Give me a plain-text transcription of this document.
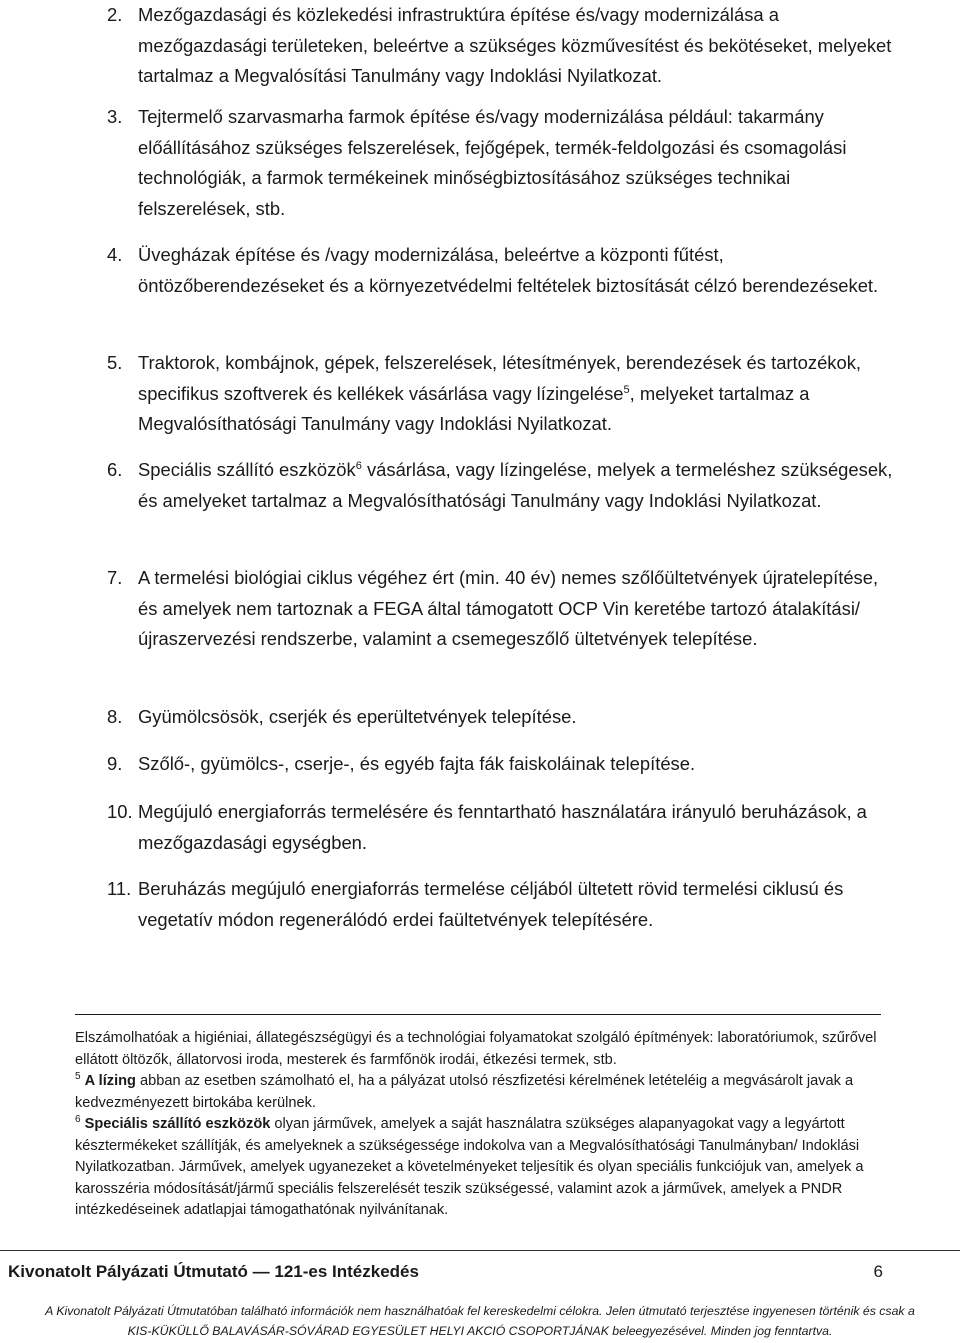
2. Mezőgazdasági és közlekedési infrastruktúra építése és/vagy modernizálása a mezőgazdasági területeken, beleértve a szükséges közművesítést és bekötéseket, melyeket tartalmaz a Megvalósítási Tanulmány vagy Indoklási Nyilatkozat.
3. Tejtermelő szarvasmarha farmok építése és/vagy modernizálása például: takarmány előállításához szükséges felszerelések, fejőgépek, termék-feldolgozási és csomagolási technológiák, a farmok termékeinek minőségbiztosításához szükséges technikai felszerelések, stb.
4. Üvegházak építése és /vagy modernizálása, beleértve a központi fűtést, öntözőberendezéseket és a környezetvédelmi feltételek biztosítását célzó berendezéseket.
5. Traktorok, kombájnok, gépek, felszerelések, létesítmények, berendezések és tartozékok, specifikus szoftverek és kellékek vásárlása vagy lízingelése$^5$, melyeket tartalmaz a Megvalósíthatósági Tanulmány vagy Indoklási Nyilatkozat.
6. Speciális szállító eszközök$^6$ vásárlása, vagy lízingelése, melyek a termeléshez szükségesek, és amelyeket tartalmaz a Megvalósíthatósági Tanulmány vagy Indoklási Nyilatkozat.
7. A termelési biológiai ciklus végéhez ért (min. 40 év) nemes szőlőültetvények újratelepítése, és amelyek nem tartoznak a FEGA által támogatott OCP Vin keretébe tartozó átalakítási/újraszervezési rendszerbe, valamint a csemegeszőlő ültetvények telepítése.
8. Gyümölcsösök, cserjék és eperültetvények telepítése.
9. Szőlő-, gyümölcs-, cserje-, és egyéb fajta fák faiskoláinak telepítése.
10. Megújuló energiaforrás termelésére és fenntartható használatára irányuló beruházások, a mezőgazdasági egységben.
11. Beruházás megújuló energiaforrás termelése céljából ültetett rövid termelési ciklusú és vegetatív módon regenerálódó erdei faültetvények telepítésére.
Elszámolhatóak a higiéniai, állategészségügyi és a technológiai folyamatokat szolgáló építmények: laboratóriumok, szűrővel ellátott öltözők, állatorvosi iroda, mesterek és farmfőnök irodái, étkezési termek, stb.
$^5$ A lízing abban az esetben számolható el, ha a pályázat utolsó részfizetési kérelmének letételéig a megvásárolt javak a kedvezményezett birtokába kerülnek.
$^6$ Speciális szállító eszközök olyan járművek, amelyek a saját használatra szükséges alapanyagokat vagy a legyártott késztermékeket szállítják, és amelyeknek a szükségessége indokolva van a Megvalósíthatósági Tanulmányban/ Indoklási Nyilatkozatban. Járművek, amelyek ugyanezeket a követelményeket teljesítik és olyan speciális funkciójuk van, amelyek a karosszéria módosítását/jármű speciális felszerelését teszik szükségessé, valamint azok a járművek, amelyek a PNDR intézkedéseinek adatlapjai támogathatónak nyilvánítanak.
Kivonatolt Pályázati Útmutató — 121-es Intézkedés	6
A Kivonatolt Pályázati Útmutatóban található információk nem használhatóak fel kereskedelmi célokra. Jelen útmutató terjesztése ingyenesen történik és csak a
KIS-KÜKÜLLŐ BALAVÁSÁR-SÓVÁRAD EGYESÜLET HELYI AKCIÓ CSOPORTJÁNAK beleegyezésével. Minden jog fenntartva.
